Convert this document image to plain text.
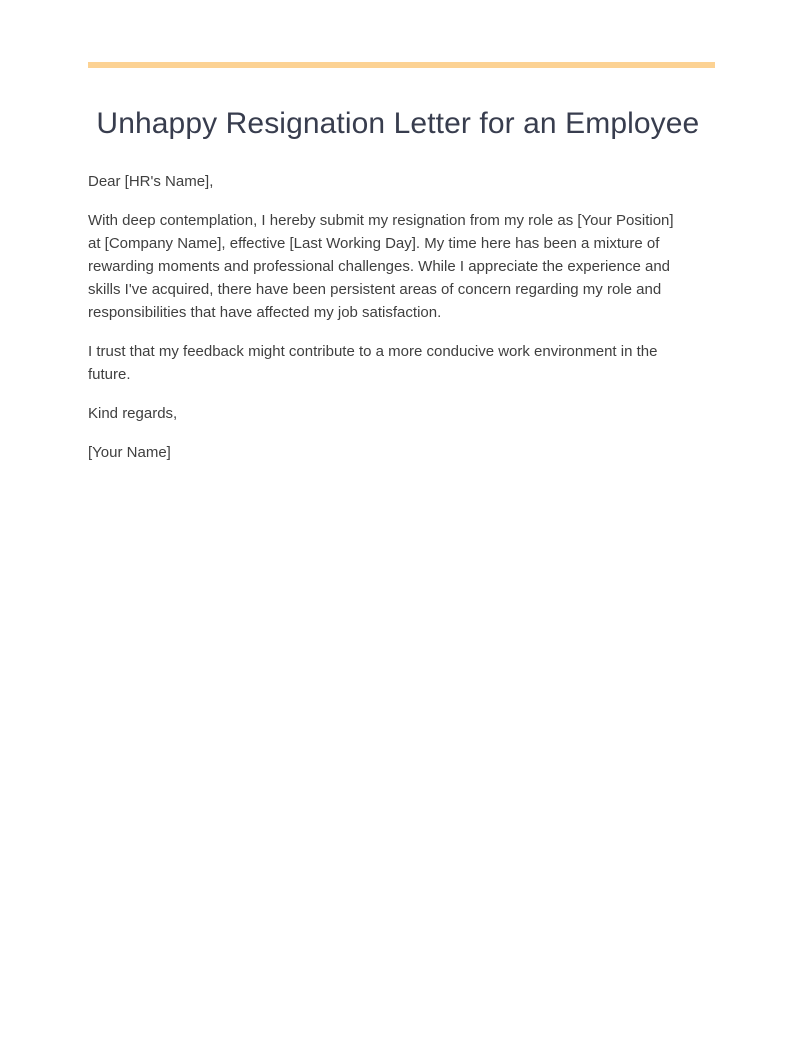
Unhappy Resignation Letter for an Employee

Dear [HR's Name],

With deep contemplation, I hereby submit my resignation from my role as [Your Position] at [Company Name], effective [Last Working Day]. My time here has been a mixture of rewarding moments and professional challenges. While I appreciate the experience and skills I've acquired, there have been persistent areas of concern regarding my role and responsibilities that have affected my job satisfaction.

I trust that my feedback might contribute to a more conducive work environment in the future.

Kind regards,

[Your Name]
